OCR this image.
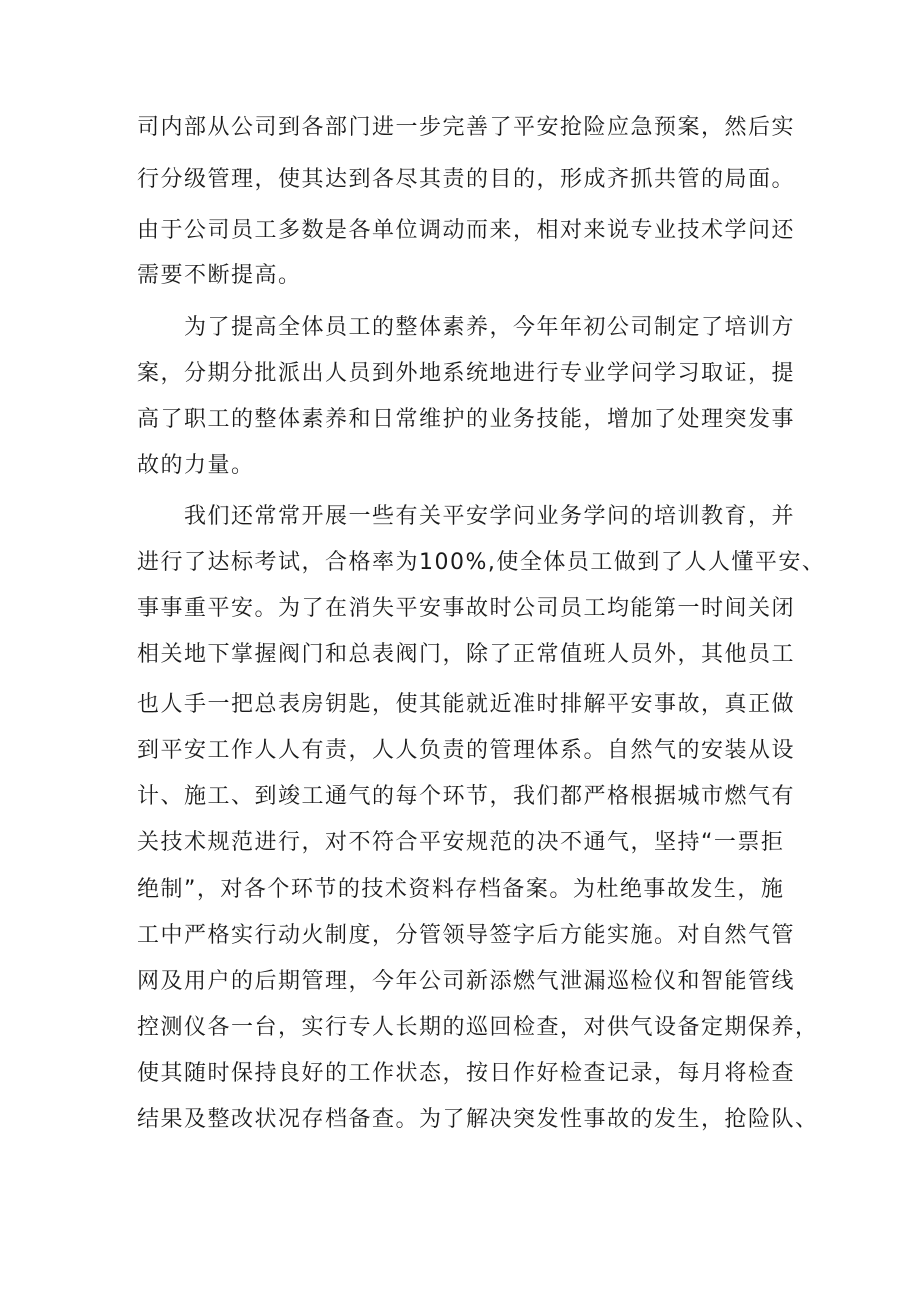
司内部从公司到各部门进一步完善了平安抢险应急预案，然后实
行分级管理，使其达到各尽其责的目的，形成齐抓共管的局面。
由于公司员工多数是各单位调动而来，相对来说专业技术学问还
需要不断提高。
为了提高全体员工的整体素养，今年年初公司制定了培训方
案，分期分批派出人员到外地系统地进行专业学问学习取证，提
高了职工的整体素养和日常维护的业务技能，增加了处理突发事
故的力量。
我们还常常开展一些有关平安学问业务学问的培训教育，并
进行了达标考试，合格率为100%,使全体员工做到了人人懂平安、
事事重平安。为了在消失平安事故时公司员工均能第一时间关闭
相关地下掌握阀门和总表阀门，除了正常值班人员外，其他员工
也人手一把总表房钥匙，使其能就近准时排解平安事故，真正做
到平安工作人人有责，人人负责的管理体系。自然气的安装从设
计、施工、到竣工通气的每个环节，我们都严格根据城市燃气有
关技术规范进行，对不符合平安规范的决不通气，坚持“一票拒
绝制”，对各个环节的技术资料存档备案。为杜绝事故发生，施
工中严格实行动火制度，分管领导签字后方能实施。对自然气管
网及用户的后期管理，今年公司新添燃气泄漏巡检仪和智能管线
控测仪各一台，实行专人长期的巡回检查，对供气设备定期保养，
使其随时保持良好的工作状态，按日作好检查记录，每月将检查
结果及整改状况存档备查。为了解决突发性事故的发生，抢险队、
